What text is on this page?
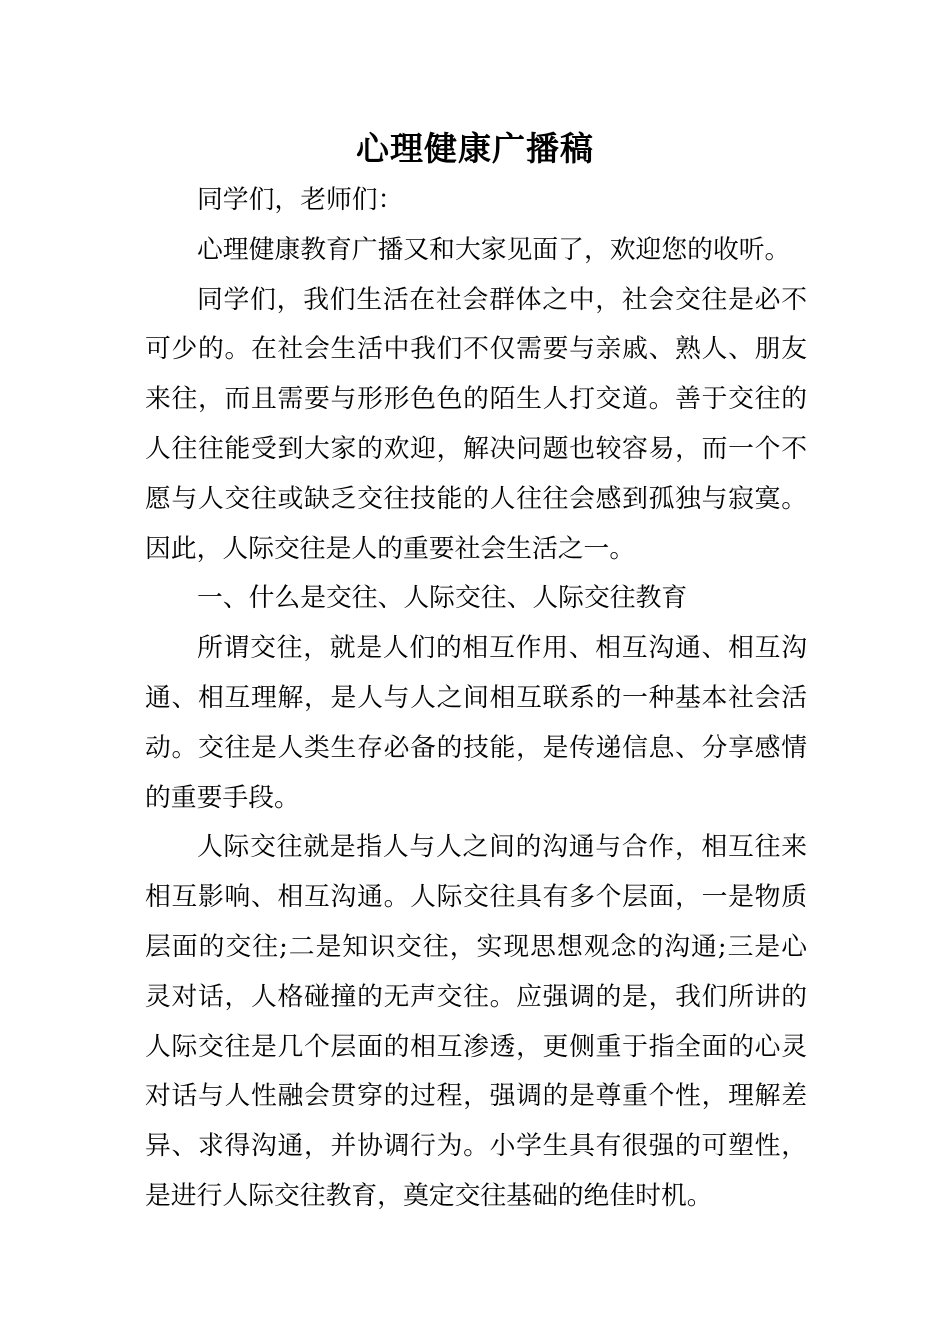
心理健康广播稿

同学们，老师们：

心理健康教育广播又和大家见面了，欢迎您的收听。

同学们，我们生活在社会群体之中，社会交往是必不可少的。在社会生活中我们不仅需要与亲戚、熟人、朋友来往，而且需要与形形色色的陌生人打交道。善于交往的人往往能受到大家的欢迎，解决问题也较容易，而一个不愿与人交往或缺乏交往技能的人往往会感到孤独与寂寞。因此，人际交往是人的重要社会生活之一。

一、什么是交往、人际交往、人际交往教育

所谓交往，就是人们的相互作用、相互沟通、相互沟通、相互理解，是人与人之间相互联系的一种基本社会活动。交往是人类生存必备的技能，是传递信息、分享感情的重要手段。

人际交往就是指人与人之间的沟通与合作，相互往来相互影响、相互沟通。人际交往具有多个层面，一是物质层面的交往;二是知识交往，实现思想观念的沟通;三是心灵对话，人格碰撞的无声交往。应强调的是，我们所讲的人际交往是几个层面的相互渗透，更侧重于指全面的心灵对话与人性融会贯穿的过程，强调的是尊重个性，理解差异、求得沟通，并协调行为。小学生具有很强的可塑性，是进行人际交往教育，奠定交往基础的绝佳时机。
